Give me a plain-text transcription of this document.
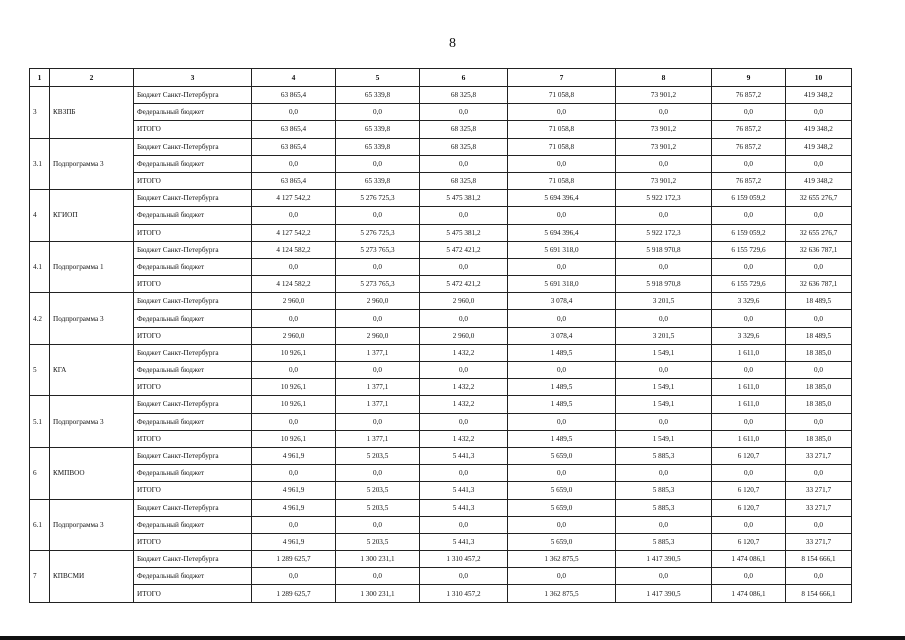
8
1	2	3	4	5	6	7	8	9	10
3	КВЗПБ	Бюджет Санкт-Петербурга	63 865,4	65 339,8	68 325,8	71 058,8	73 901,2	76 857,2	419 348,2
		Федеральный бюджет	0,0	0,0	0,0	0,0	0,0	0,0	0,0
		ИТОГО	63 865,4	65 339,8	68 325,8	71 058,8	73 901,2	76 857,2	419 348,2
3.1	Подпрограмма 3	Бюджет Санкт-Петербурга	63 865,4	65 339,8	68 325,8	71 058,8	73 901,2	76 857,2	419 348,2
		Федеральный бюджет	0,0	0,0	0,0	0,0	0,0	0,0	0,0
		ИТОГО	63 865,4	65 339,8	68 325,8	71 058,8	73 901,2	76 857,2	419 348,2
4	КГИОП	Бюджет Санкт-Петербурга	4 127 542,2	5 276 725,3	5 475 381,2	5 694 396,4	5 922 172,3	6 159 059,2	32 655 276,7
		Федеральный бюджет	0,0	0,0	0,0	0,0	0,0	0,0	0,0
		ИТОГО	4 127 542,2	5 276 725,3	5 475 381,2	5 694 396,4	5 922 172,3	6 159 059,2	32 655 276,7
4.1	Подпрограмма 1	Бюджет Санкт-Петербурга	4 124 582,2	5 273 765,3	5 472 421,2	5 691 318,0	5 918 970,8	6 155 729,6	32 636 787,1
		Федеральный бюджет	0,0	0,0	0,0	0,0	0,0	0,0	0,0
		ИТОГО	4 124 582,2	5 273 765,3	5 472 421,2	5 691 318,0	5 918 970,8	6 155 729,6	32 636 787,1
4.2	Подпрограмма 3	Бюджет Санкт-Петербурга	2 960,0	2 960,0	2 960,0	3 078,4	3 201,5	3 329,6	18 489,5
		Федеральный бюджет	0,0	0,0	0,0	0,0	0,0	0,0	0,0
		ИТОГО	2 960,0	2 960,0	2 960,0	3 078,4	3 201,5	3 329,6	18 489,5
5	КГА	Бюджет Санкт-Петербурга	10 926,1	1 377,1	1 432,2	1 489,5	1 549,1	1 611,0	18 385,0
		Федеральный бюджет	0,0	0,0	0,0	0,0	0,0	0,0	0,0
		ИТОГО	10 926,1	1 377,1	1 432,2	1 489,5	1 549,1	1 611,0	18 385,0
5.1	Подпрограмма 3	Бюджет Санкт-Петербурга	10 926,1	1 377,1	1 432,2	1 489,5	1 549,1	1 611,0	18 385,0
		Федеральный бюджет	0,0	0,0	0,0	0,0	0,0	0,0	0,0
		ИТОГО	10 926,1	1 377,1	1 432,2	1 489,5	1 549,1	1 611,0	18 385,0
6	КМПВОО	Бюджет Санкт-Петербурга	4 961,9	5 203,5	5 441,3	5 659,0	5 885,3	6 120,7	33 271,7
		Федеральный бюджет	0,0	0,0	0,0	0,0	0,0	0,0	0,0
		ИТОГО	4 961,9	5 203,5	5 441,3	5 659,0	5 885,3	6 120,7	33 271,7
6.1	Подпрограмма 3	Бюджет Санкт-Петербурга	4 961,9	5 203,5	5 441,3	5 659,0	5 885,3	6 120,7	33 271,7
		Федеральный бюджет	0,0	0,0	0,0	0,0	0,0	0,0	0,0
		ИТОГО	4 961,9	5 203,5	5 441,3	5 659,0	5 885,3	6 120,7	33 271,7
7	КПВСМИ	Бюджет Санкт-Петербурга	1 289 625,7	1 300 231,1	1 310 457,2	1 362 875,5	1 417 390,5	1 474 086,1	8 154 666,1
		Федеральный бюджет	0,0	0,0	0,0	0,0	0,0	0,0	0,0
		ИТОГО	1 289 625,7	1 300 231,1	1 310 457,2	1 362 875,5	1 417 390,5	1 474 086,1	8 154 666,1
